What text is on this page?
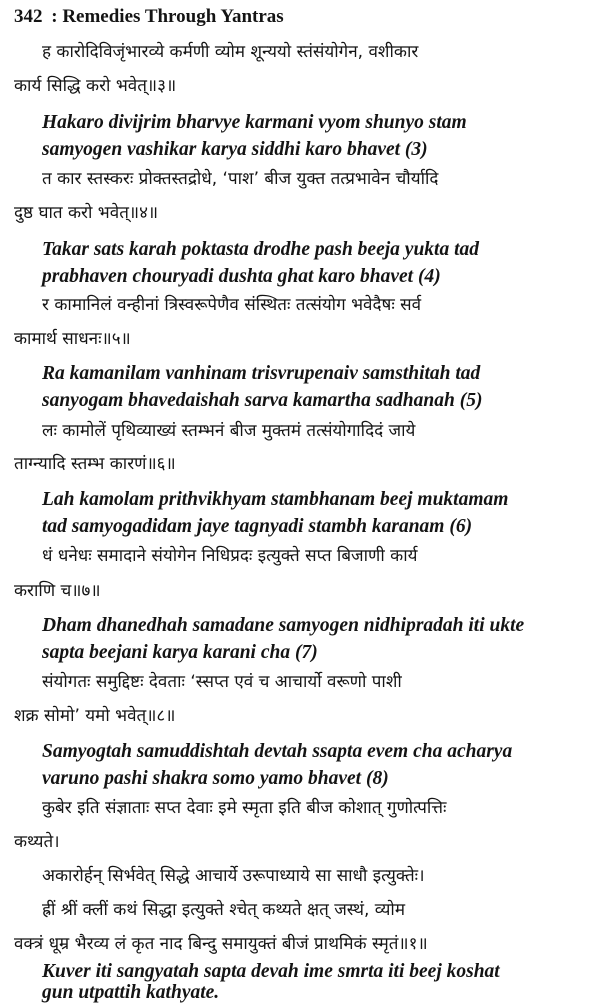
342 : Remedies Through Yantras
ह कारोदिविजृंभारव्ये कर्मणी व्योम शून्ययो स्तंसंयोगेन, वशीकार
कार्य सिद्धि करो भवेत्॥३॥
Hakaro divijrim bharvye karmani vyom shunyo stam
samyogen vashikar karya siddhi karo bhavet (3)
त कार स्तस्करः प्रोक्तस्तद्रोधे, ‘पाश’ बीज युक्त तत्प्रभावेन चौर्यादि
दुष्ठ घात करो भवेत्॥४॥
Takar sats karah poktasta drodhe pash beeja yukta tad
prabhaven chouryadi dushta ghat karo bhavet (4)
र कामानिलं वन्हीनां त्रिस्वरूपेणैव संस्थितः तत्संयोग भवेदैषः सर्व
कामार्थ साधनः॥५॥
Ra kamanilam vanhinam trisvrupenaiv samsthitah tad
sanyogam bhavedaishah sarva kamartha sadhanah (5)
लः कामोलें पृथिव्याख्यं स्तम्भनं बीज मुक्तमं तत्संयोगादिदं जाये
ताग्न्यादि स्तम्भ कारणं॥६॥
Lah kamolam prithvikhyam stambhanam beej muktamam
tad samyogadidam jaye tagnyadi stambh karanam (6)
धं धनेधः समादाने संयोगेन निधिप्रदः इत्युक्ते सप्त बिजाणी कार्य
कराणि च॥७॥
Dham dhanedhah samadane samyogen nidhipradah iti ukte
sapta beejani karya karani cha (7)
संयोगतः समुद्दिष्टः देवताः ‘स्सप्त एवं च आचार्यो वरूणो पाशी
शक्र सोमो’ यमो भवेत्॥८॥
Samyogtah samuddishtah devtah ssapta evem cha acharya
varuno pashi shakra somo yamo bhavet (8)
कुबेर इति संज्ञाताः सप्त देवाः इमे स्मृता इति बीज कोशात् गुणोत्पत्तिः
कथ्यते।
अकारोर्हन् सिर्भवेत् सिद्धे आचार्ये उरूपाध्याये सा साधौ इत्युक्तेः।
ह्रीं श्रीं क्लीं कथं सिद्धा इत्युक्ते श्चेत् कथ्यते क्षत् जस्थं, व्योम
वक्त्रं धूम्र भैरव्य लं कृत नाद बिन्दु समायुक्तं बीजं प्राथमिकं स्मृतं॥१॥
Kuver iti sangyatah sapta devah ime smrta iti beej koshat
gun utpattih kathyate.
